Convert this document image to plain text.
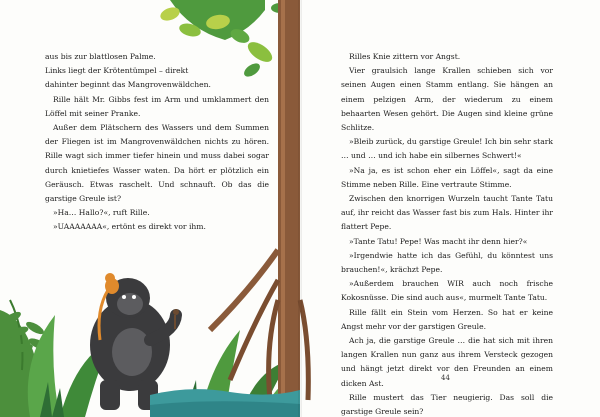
aus bis zur blattlosen Palme.

Links liegt der Krötentümpel – direkt

dahinter beginnt das Mangrovenwäldchen.

Rille hält Mr. Gibbs fest im Arm und umklammert den Löffel mit seiner Pranke.

Außer dem Plätschern des Wassers und dem Summen der Fliegen ist im Mangrovenwäldchen nichts zu hören. Rille wagt sich immer tiefer hinein und muss dabei sogar durch knietiefes Wasser waten. Da hört er plötzlich ein Geräusch. Etwas raschelt. Und schnauft. Ob das die garstige Greule ist?

»Ha… Hallo?«, ruft Rille.

»UAAAAAAA«, ertönt es direkt vor ihm.

Rilles Knie zittern vor Angst.

Vier graulsich lange Krallen schieben sich vor seinen Augen einen Stamm entlang. Sie hängen an einem pelzigen Arm, der wiederum zu einem behaarten Wesen gehört. Die Augen sind kleine grüne Schlitze.

»Bleib zurück, du garstige Greule! Ich bin sehr stark … und … und ich habe ein silbernes Schwert!«

»Na ja, es ist schon eher ein Löffel«, sagt da eine Stimme neben Rille. Eine vertraute Stimme.

Zwischen den knorrigen Wurzeln taucht Tante Tatu auf, ihr reicht das Wasser fast bis zum Hals. Hinter ihr flattert Pepe.

»Tante Tatu! Pepe! Was macht ihr denn hier?«

»Irgendwie hatte ich das Gefühl, du könntest uns brauchen!«, krächzt Pepe.

»Außerdem brauchen WIR auch noch frische Kokosnüsse. Die sind auch aus«, murmelt Tante Tatu.

Rille fällt ein Stein vom Herzen. So hat er keine Angst mehr vor der garstigen Greule.

Ach ja, die garstige Greule … die hat sich mit ihren langen Krallen nun ganz aus ihrem Versteck gezogen und hängt jetzt direkt vor den Freunden an einem dicken Ast.

Rille mustert das Tier neugierig. Das soll die garstige Greule sein?

44
